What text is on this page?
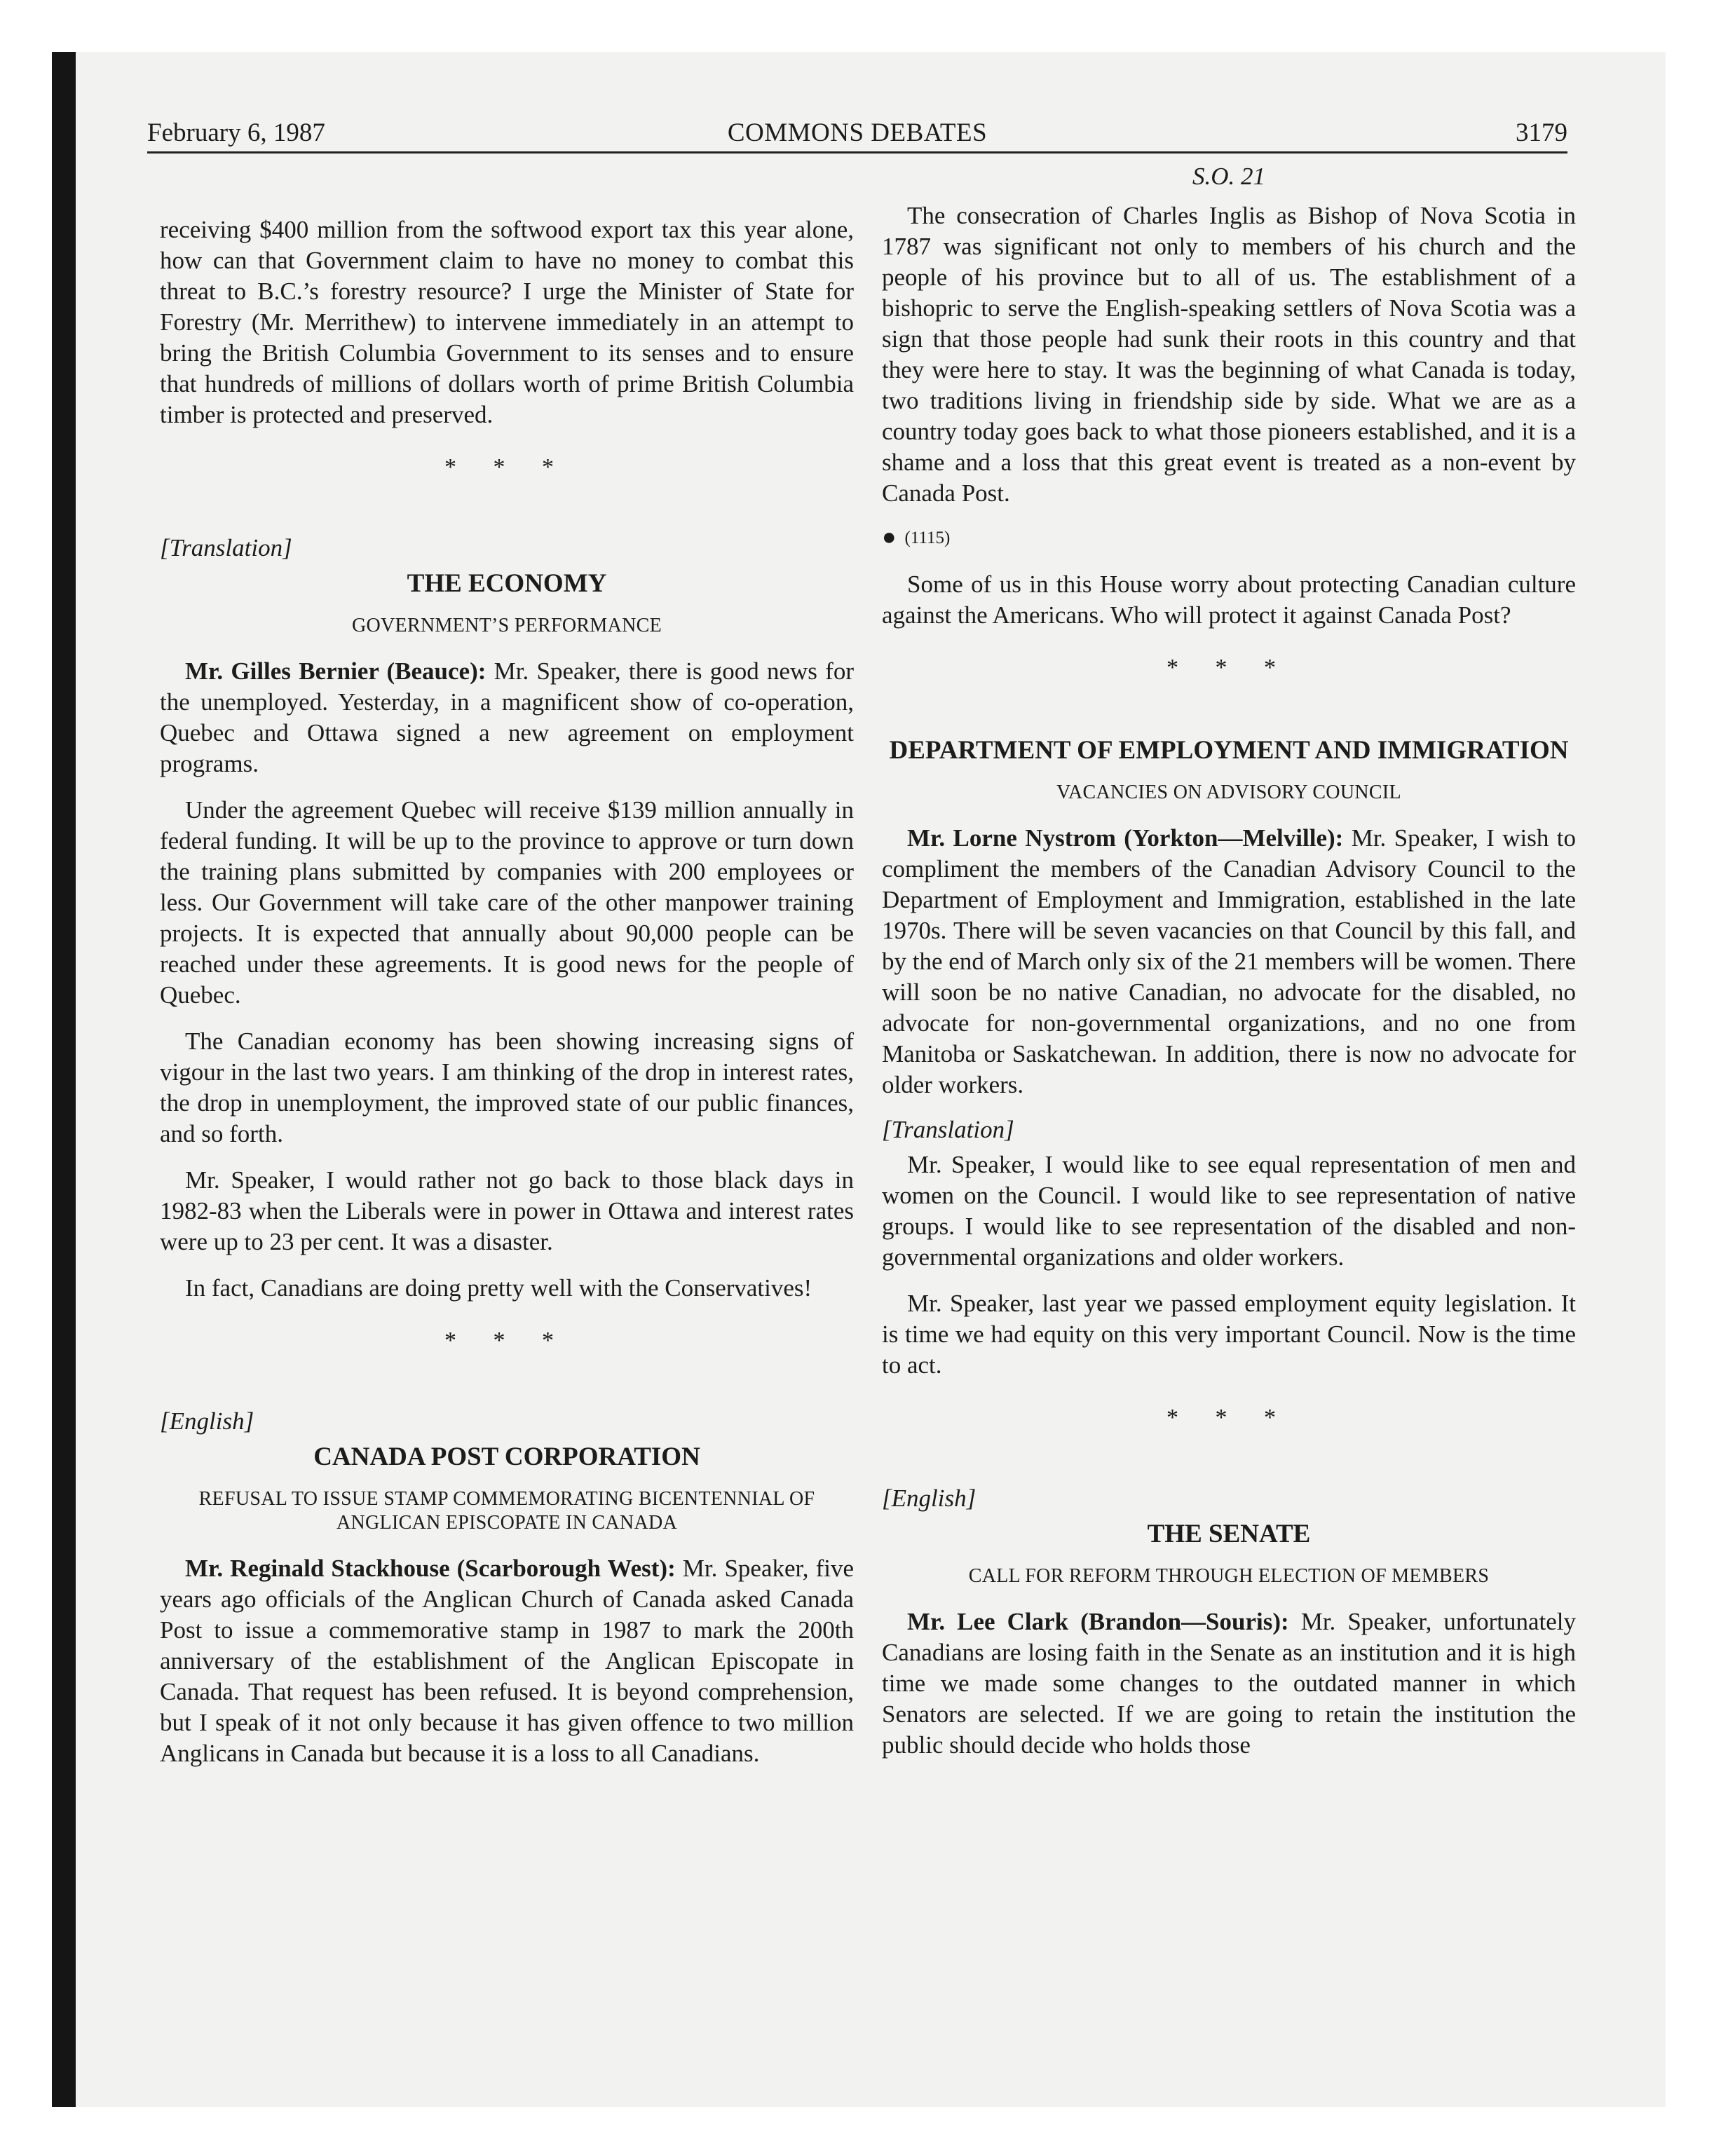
February 6, 1987	COMMONS DEBATES	3179

receiving $400 million from the softwood export tax this year alone, how can that Government claim to have no money to combat this threat to B.C.’s forestry resource? I urge the Minister of State for Forestry (Mr. Merrithew) to intervene immediately in an attempt to bring the British Columbia Government to its senses and to ensure that hundreds of millions of dollars worth of prime British Columbia timber is protected and preserved.

* * *
[Translation]
THE ECONOMY
GOVERNMENT’S PERFORMANCE

Mr. Gilles Bernier (Beauce): Mr. Speaker, there is good news for the unemployed. Yesterday, in a magnificent show of co-operation, Quebec and Ottawa signed a new agreement on employment programs.

Under the agreement Quebec will receive $139 million annually in federal funding. It will be up to the province to approve or turn down the training plans submitted by companies with 200 employees or less. Our Government will take care of the other manpower training projects. It is expected that annually about 90,000 people can be reached under these agreements. It is good news for the people of Quebec.

The Canadian economy has been showing increasing signs of vigour in the last two years. I am thinking of the drop in interest rates, the drop in unemployment, the improved state of our public finances, and so forth.

Mr. Speaker, I would rather not go back to those black days in 1982-83 when the Liberals were in power in Ottawa and interest rates were up to 23 per cent. It was a disaster.

In fact, Canadians are doing pretty well with the Conservatives!

* * *
[English]
CANADA POST CORPORATION
REFUSAL TO ISSUE STAMP COMMEMORATING BICENTENNIAL OF ANGLICAN EPISCOPATE IN CANADA

Mr. Reginald Stackhouse (Scarborough West): Mr. Speaker, five years ago officials of the Anglican Church of Canada asked Canada Post to issue a commemorative stamp in 1987 to mark the 200th anniversary of the establishment of the Anglican Episcopate in Canada. That request has been refused. It is beyond comprehension, but I speak of it not only because it has given offence to two million Anglicans in Canada but because it is a loss to all Canadians.

S.O. 21

The consecration of Charles Inglis as Bishop of Nova Scotia in 1787 was significant not only to members of his church and the people of his province but to all of us. The establishment of a bishopric to serve the English-speaking settlers of Nova Scotia was a sign that those people had sunk their roots in this country and that they were here to stay. It was the beginning of what Canada is today, two traditions living in friendship side by side. What we are as a country today goes back to what those pioneers established, and it is a shame and a loss that this great event is treated as a non-event by Canada Post.

● (1115)

Some of us in this House worry about protecting Canadian culture against the Americans. Who will protect it against Canada Post?

* * *
DEPARTMENT OF EMPLOYMENT AND IMMIGRATION
VACANCIES ON ADVISORY COUNCIL

Mr. Lorne Nystrom (Yorkton—Melville): Mr. Speaker, I wish to compliment the members of the Canadian Advisory Council to the Department of Employment and Immigration, established in the late 1970s. There will be seven vacancies on that Council by this fall, and by the end of March only six of the 21 members will be women. There will soon be no native Canadian, no advocate for the disabled, no advocate for non-governmental organizations, and no one from Manitoba or Saskatchewan. In addition, there is now no advocate for older workers.

[Translation]

Mr. Speaker, I would like to see equal representation of men and women on the Council. I would like to see representation of native groups. I would like to see representation of the disabled and non-governmental organizations and older workers.

Mr. Speaker, last year we passed employment equity legislation. It is time we had equity on this very important Council. Now is the time to act.

* * *
[English]
THE SENATE
CALL FOR REFORM THROUGH ELECTION OF MEMBERS

Mr. Lee Clark (Brandon—Souris): Mr. Speaker, unfortunately Canadians are losing faith in the Senate as an institution and it is high time we made some changes to the outdated manner in which Senators are selected. If we are going to retain the institution the public should decide who holds those
